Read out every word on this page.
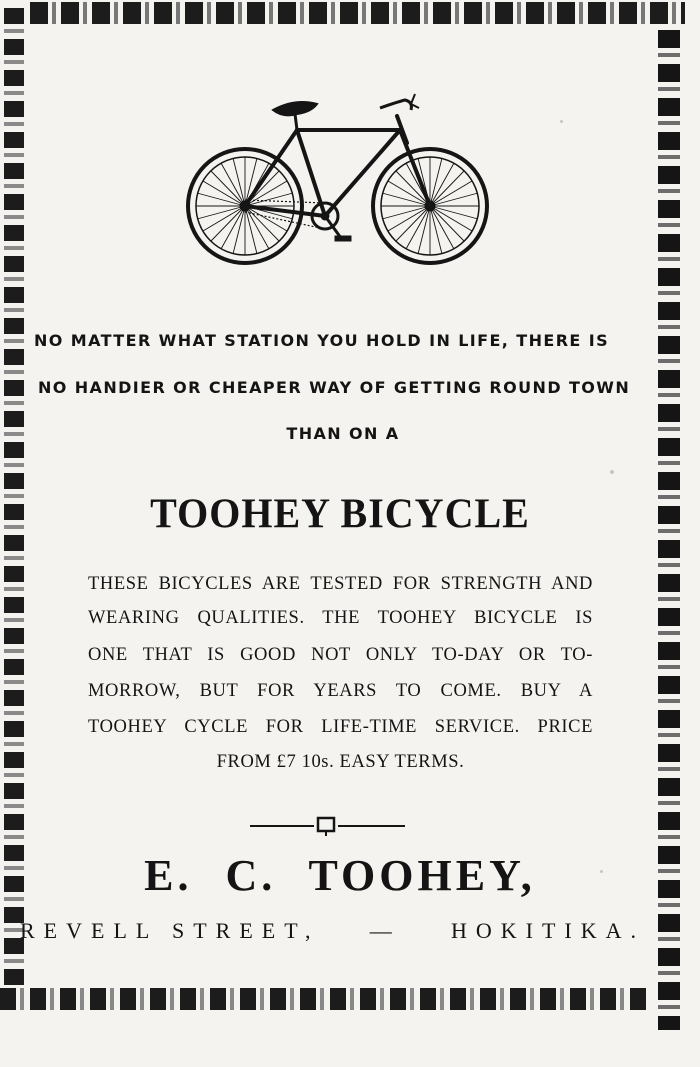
NO MATTER WHAT STATION YOU HOLD IN LIFE, THERE IS
NO HANDIER OR CHEAPER WAY OF GETTING ROUND TOWN
THAN ON A
TOOHEY BICYCLE
THESE BICYCLES ARE TESTED FOR STRENGTH AND
WEARING QUALITIES. THE TOOHEY BICYCLE IS
ONE THAT IS GOOD NOT ONLY TO-DAY OR TO-
MORROW, BUT FOR YEARS TO COME. BUY A
TOOHEY CYCLE FOR LIFE-TIME SERVICE. PRICE
FROM £7 10s. EASY TERMS.
E. C. TOOHEY,
REVELL STREET, — HOKITIKA.
